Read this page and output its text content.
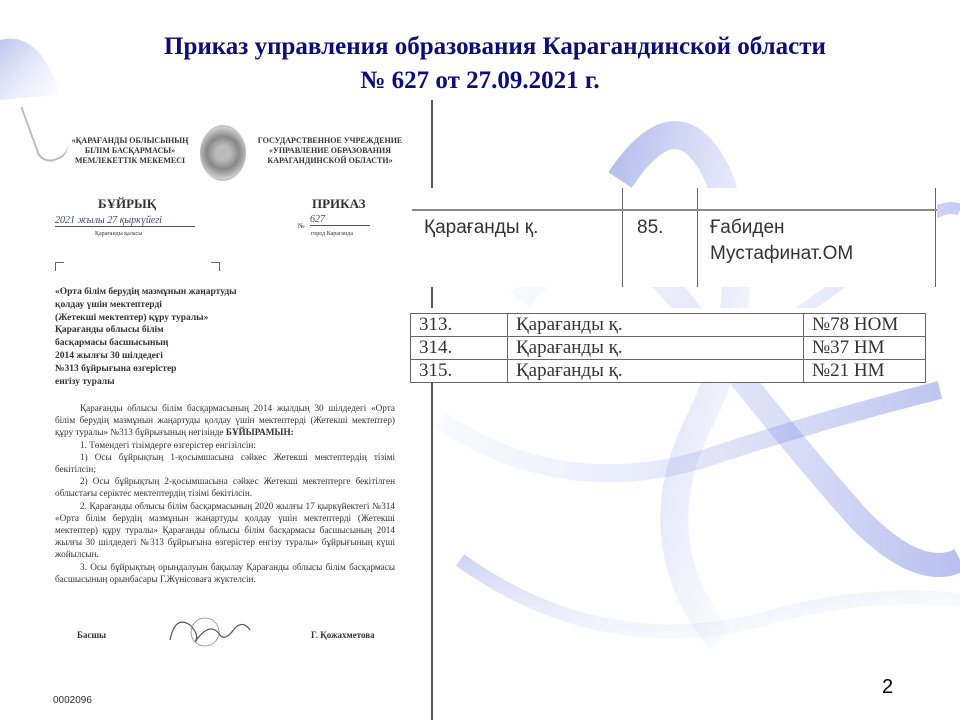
Приказ управления образования Карагандинской области
№ 627 от 27.09.2021 г.
«ҚАРАҒАНДЫ ОБЛЫСЫНЫҢ
БІЛІМ БАСҚАРМАСЫ»
МЕМЛЕКЕТТІК МЕКЕМЕСІ
ГОСУДАРСТВЕННОЕ УЧРЕЖДЕНИЕ
«УПРАВЛЕНИЕ ОБРАЗОВАНИЯ
КАРАГАНДИНСКОЙ ОБЛАСТИ»
БҰЙРЫҚ	ПРИКАЗ
2021 жылы 27 қыркүйегі
Қарағанды қаласы
№
627
город Караганда
«Орта білім берудің мазмұнын жаңартуды
қолдау үшін мектептерді
(Жетекші мектептер) құру туралы»
Қарағанды облысы білім
басқармасы басшысының
2014 жылғы 30 шілдедегі
№313 бұйрығына өзгерістер
енгізу туралы

Қарағанды облысы білім басқармасының 2014 жылдың 30 шілдедегі «Орта білім берудің мазмұнын жаңартуды қолдау үшін мектептерді (Жетекші мектептер) құру туралы» №313 бұйрығының негізінде БҰЙЫРАМЫН:

1. Төмендегі тізімдерге өзгерістер енгізілсін:

1) Осы бұйрықтың 1-қосымшасына сәйкес Жетекші мектептердің тізімі бекітілсін;

2) Осы бұйрықтың 2-қосымшасына сәйкес Жетекші мектептерге бекітілген облыстағы серіктес мектептердің тізімі бекітілсін.

2. Қарағанды облысы білім басқармасының 2020 жылғы 17 қыркүйектегі №314 «Орта білім берудің мазмұнын жаңартуды қолдау үшін мектептерді (Жетекші мектептер) құру туралы» Қарағанды облысы білім басқармасы басшысының 2014 жылғы 30 шілдедегі №313 бұйрығына өзгерістер енгізу туралы» бұйрығының күші жойылсын.

3. Осы бұйрықтың орындалуын бақылау Қарағанды облысы білім басқармасы басшысының орынбасары Г.Жүнісоваға жүктелсін.

Басшы	Г. Қожахметова
0002096
Қарағанды қ.	85. Ғабиден
Мустафинат.ОМ
313.	Қарағанды қ.	№78 НОМ
314.	Қарағанды қ.	№37 НМ
315.	Қарағанды қ.	№21 НМ
2
